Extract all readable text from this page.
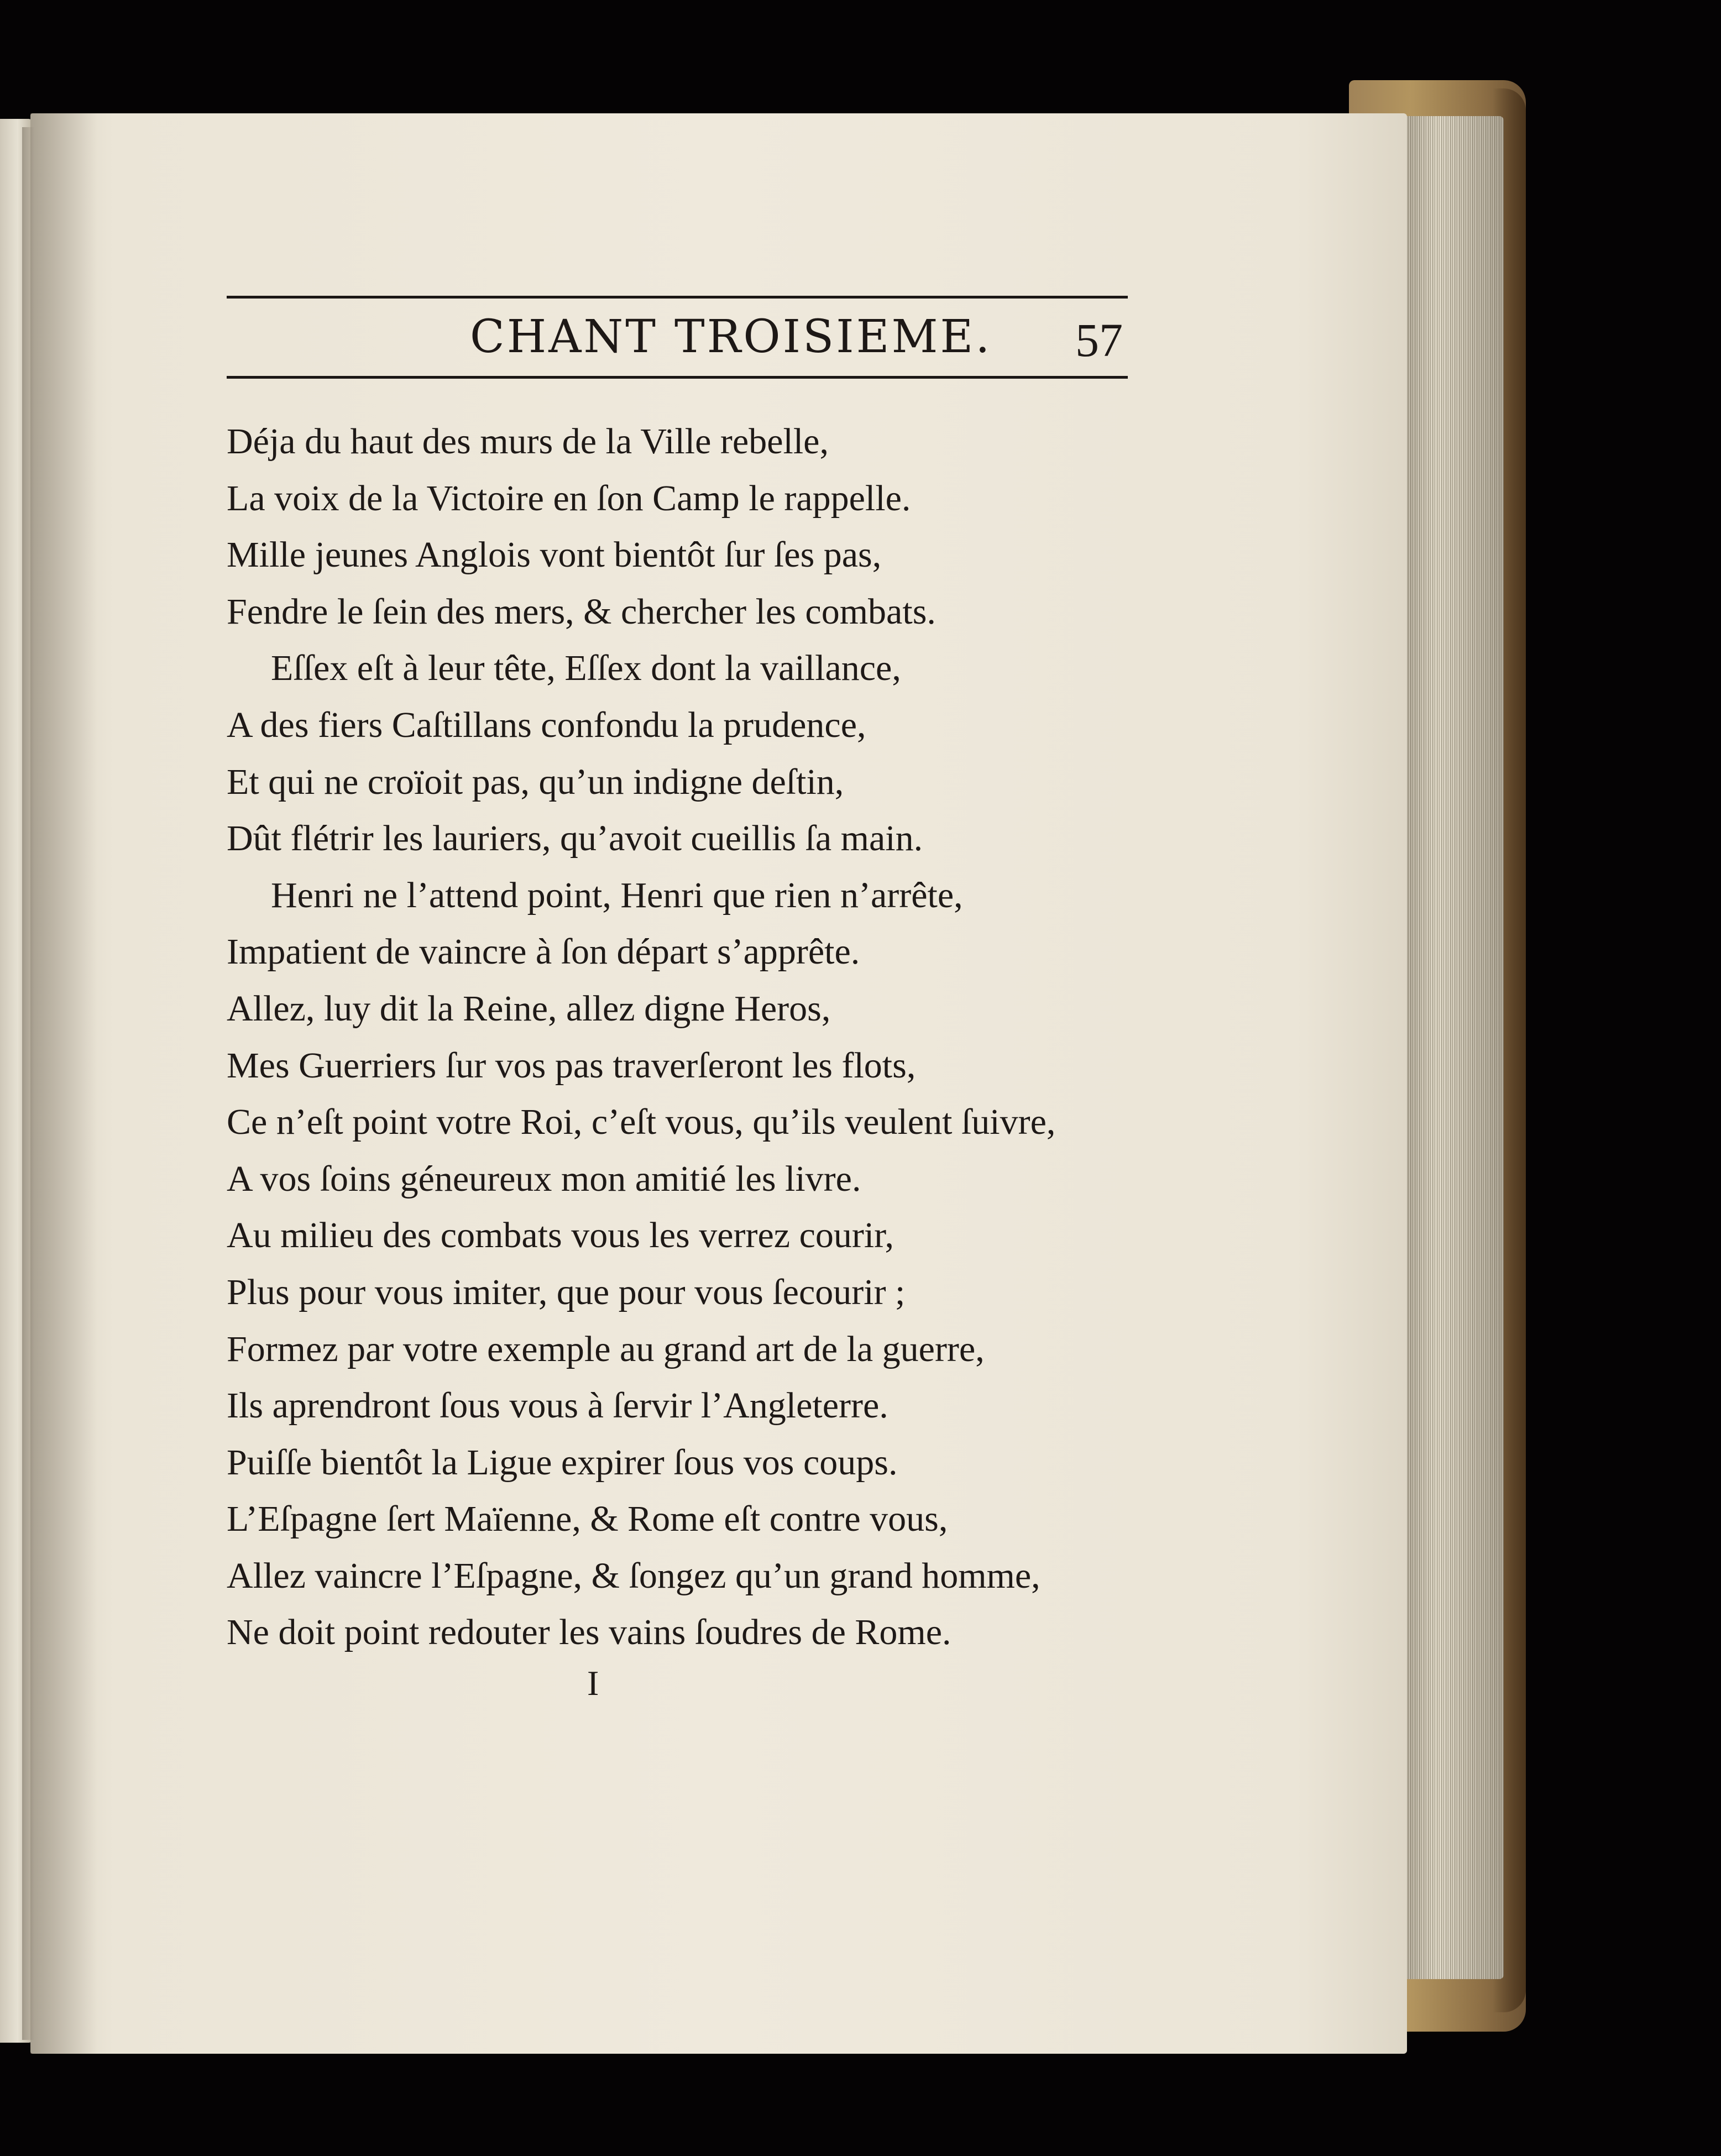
CHANT TROISIEME. 57
Déja du haut des murs de la Ville rebelle,
La voix de la Victoire en ſon Camp le rappelle.
Mille jeunes Anglois vont bientôt ſur ſes pas,
Fendre le ſein des mers, & chercher les combats.
Eſſex eſt à leur tête, Eſſex dont la vaillance,
A des fiers Caſtillans confondu la prudence,
Et qui ne croïoit pas, qu’un indigne deſtin,
Dût flétrir les lauriers, qu’avoit cueillis ſa main.
Henri ne l’attend point, Henri que rien n’arrête,
Impatient de vaincre à ſon départ s’apprête.
Allez, luy dit la Reine, allez digne Heros,
Mes Guerriers ſur vos pas traverſeront les flots,
Ce n’eſt point votre Roi, c’eſt vous, qu’ils veulent ſuivre,
A vos ſoins géneureux mon amitié les livre.
Au milieu des combats vous les verrez courir,
Plus pour vous imiter, que pour vous ſecourir ;
Formez par votre exemple au grand art de la guerre,
Ils aprendront ſous vous à ſervir l’Angleterre.
Puiſſe bientôt la Ligue expirer ſous vos coups.
L’Eſpagne ſert Maïenne, & Rome eſt contre vous,
Allez vaincre l’Eſpagne, & ſongez qu’un grand homme,
Ne doit point redouter les vains ſoudres de Rome.
I
